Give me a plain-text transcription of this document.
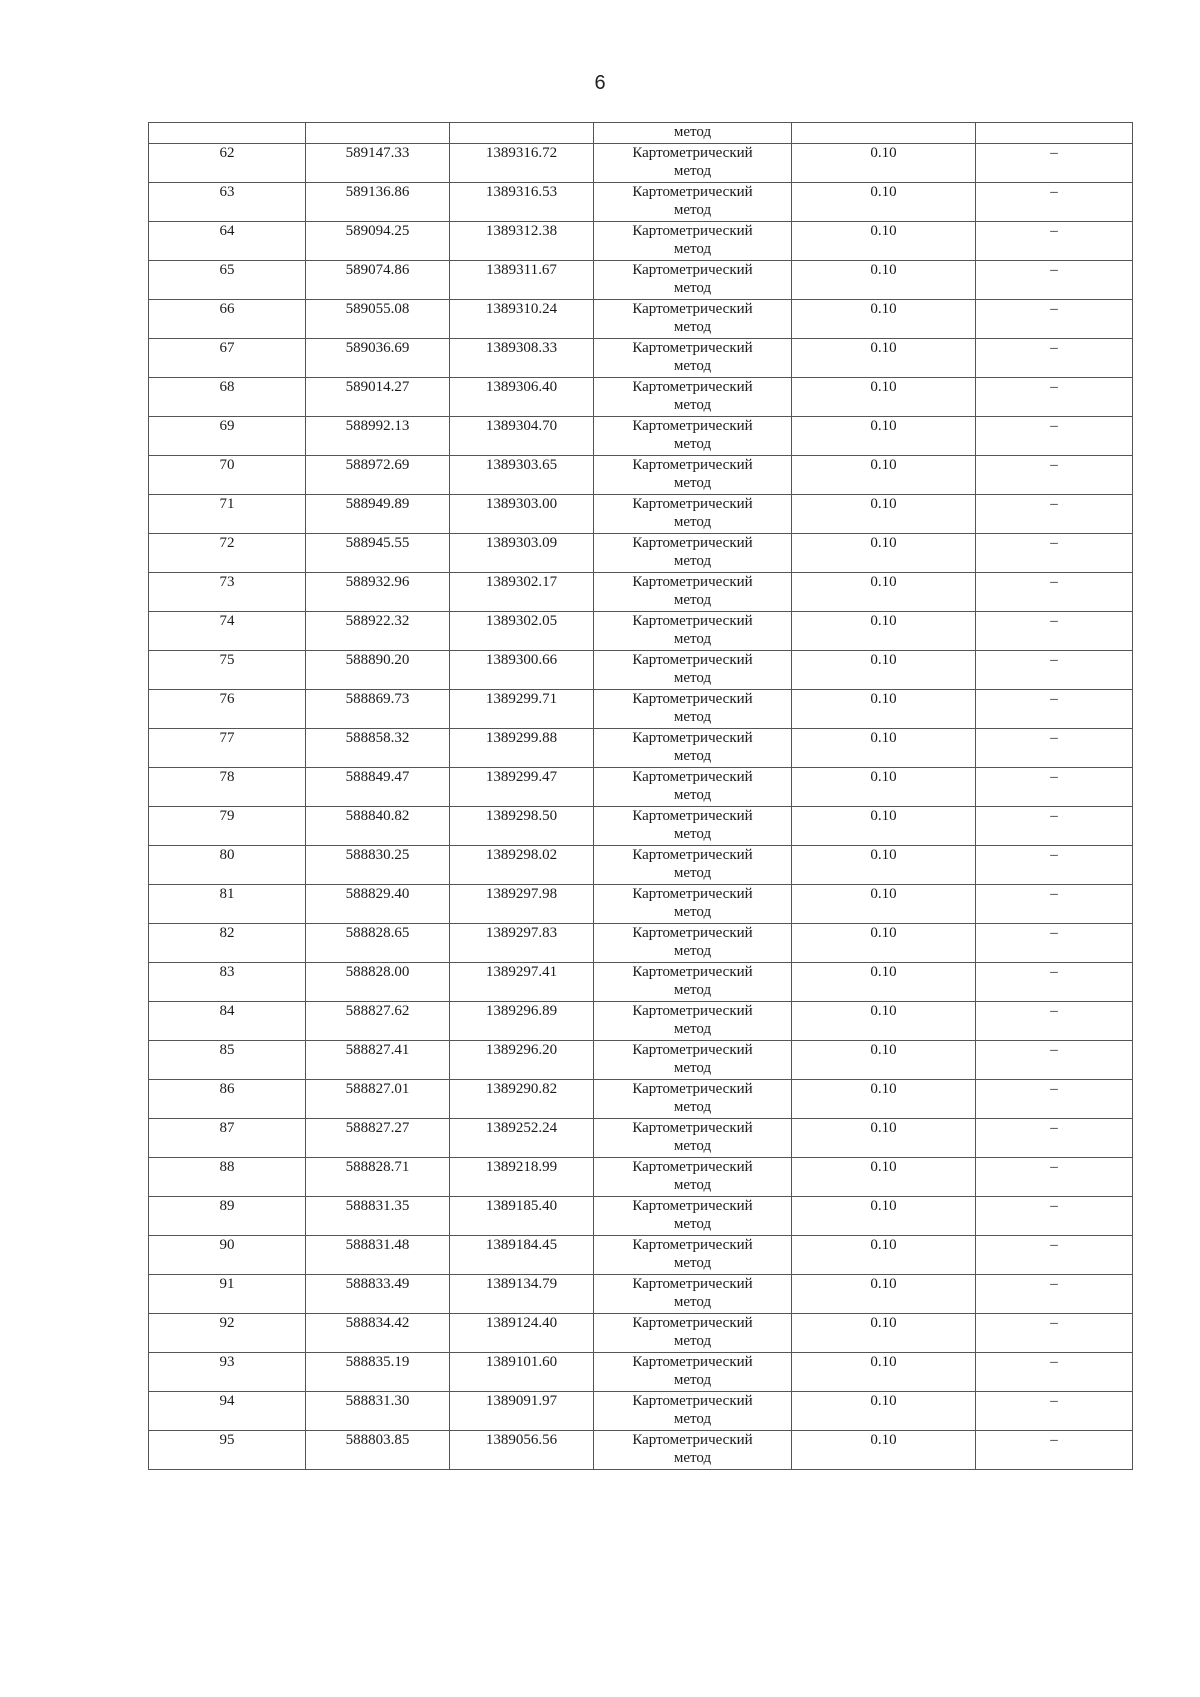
6
			метод		
62	589147.33	1389316.72	Картометрический
метод	0.10	–
63	589136.86	1389316.53	Картометрический
метод	0.10	–
64	589094.25	1389312.38	Картометрический
метод	0.10	–
65	589074.86	1389311.67	Картометрический
метод	0.10	–
66	589055.08	1389310.24	Картометрический
метод	0.10	–
67	589036.69	1389308.33	Картометрический
метод	0.10	–
68	589014.27	1389306.40	Картометрический
метод	0.10	–
69	588992.13	1389304.70	Картометрический
метод	0.10	–
70	588972.69	1389303.65	Картометрический
метод	0.10	–
71	588949.89	1389303.00	Картометрический
метод	0.10	–
72	588945.55	1389303.09	Картометрический
метод	0.10	–
73	588932.96	1389302.17	Картометрический
метод	0.10	–
74	588922.32	1389302.05	Картометрический
метод	0.10	–
75	588890.20	1389300.66	Картометрический
метод	0.10	–
76	588869.73	1389299.71	Картометрический
метод	0.10	–
77	588858.32	1389299.88	Картометрический
метод	0.10	–
78	588849.47	1389299.47	Картометрический
метод	0.10	–
79	588840.82	1389298.50	Картометрический
метод	0.10	–
80	588830.25	1389298.02	Картометрический
метод	0.10	–
81	588829.40	1389297.98	Картометрический
метод	0.10	–
82	588828.65	1389297.83	Картометрический
метод	0.10	–
83	588828.00	1389297.41	Картометрический
метод	0.10	–
84	588827.62	1389296.89	Картометрический
метод	0.10	–
85	588827.41	1389296.20	Картометрический
метод	0.10	–
86	588827.01	1389290.82	Картометрический
метод	0.10	–
87	588827.27	1389252.24	Картометрический
метод	0.10	–
88	588828.71	1389218.99	Картометрический
метод	0.10	–
89	588831.35	1389185.40	Картометрический
метод	0.10	–
90	588831.48	1389184.45	Картометрический
метод	0.10	–
91	588833.49	1389134.79	Картометрический
метод	0.10	–
92	588834.42	1389124.40	Картометрический
метод	0.10	–
93	588835.19	1389101.60	Картометрический
метод	0.10	–
94	588831.30	1389091.97	Картометрический
метод	0.10	–
95	588803.85	1389056.56	Картометрический
метод	0.10	–
